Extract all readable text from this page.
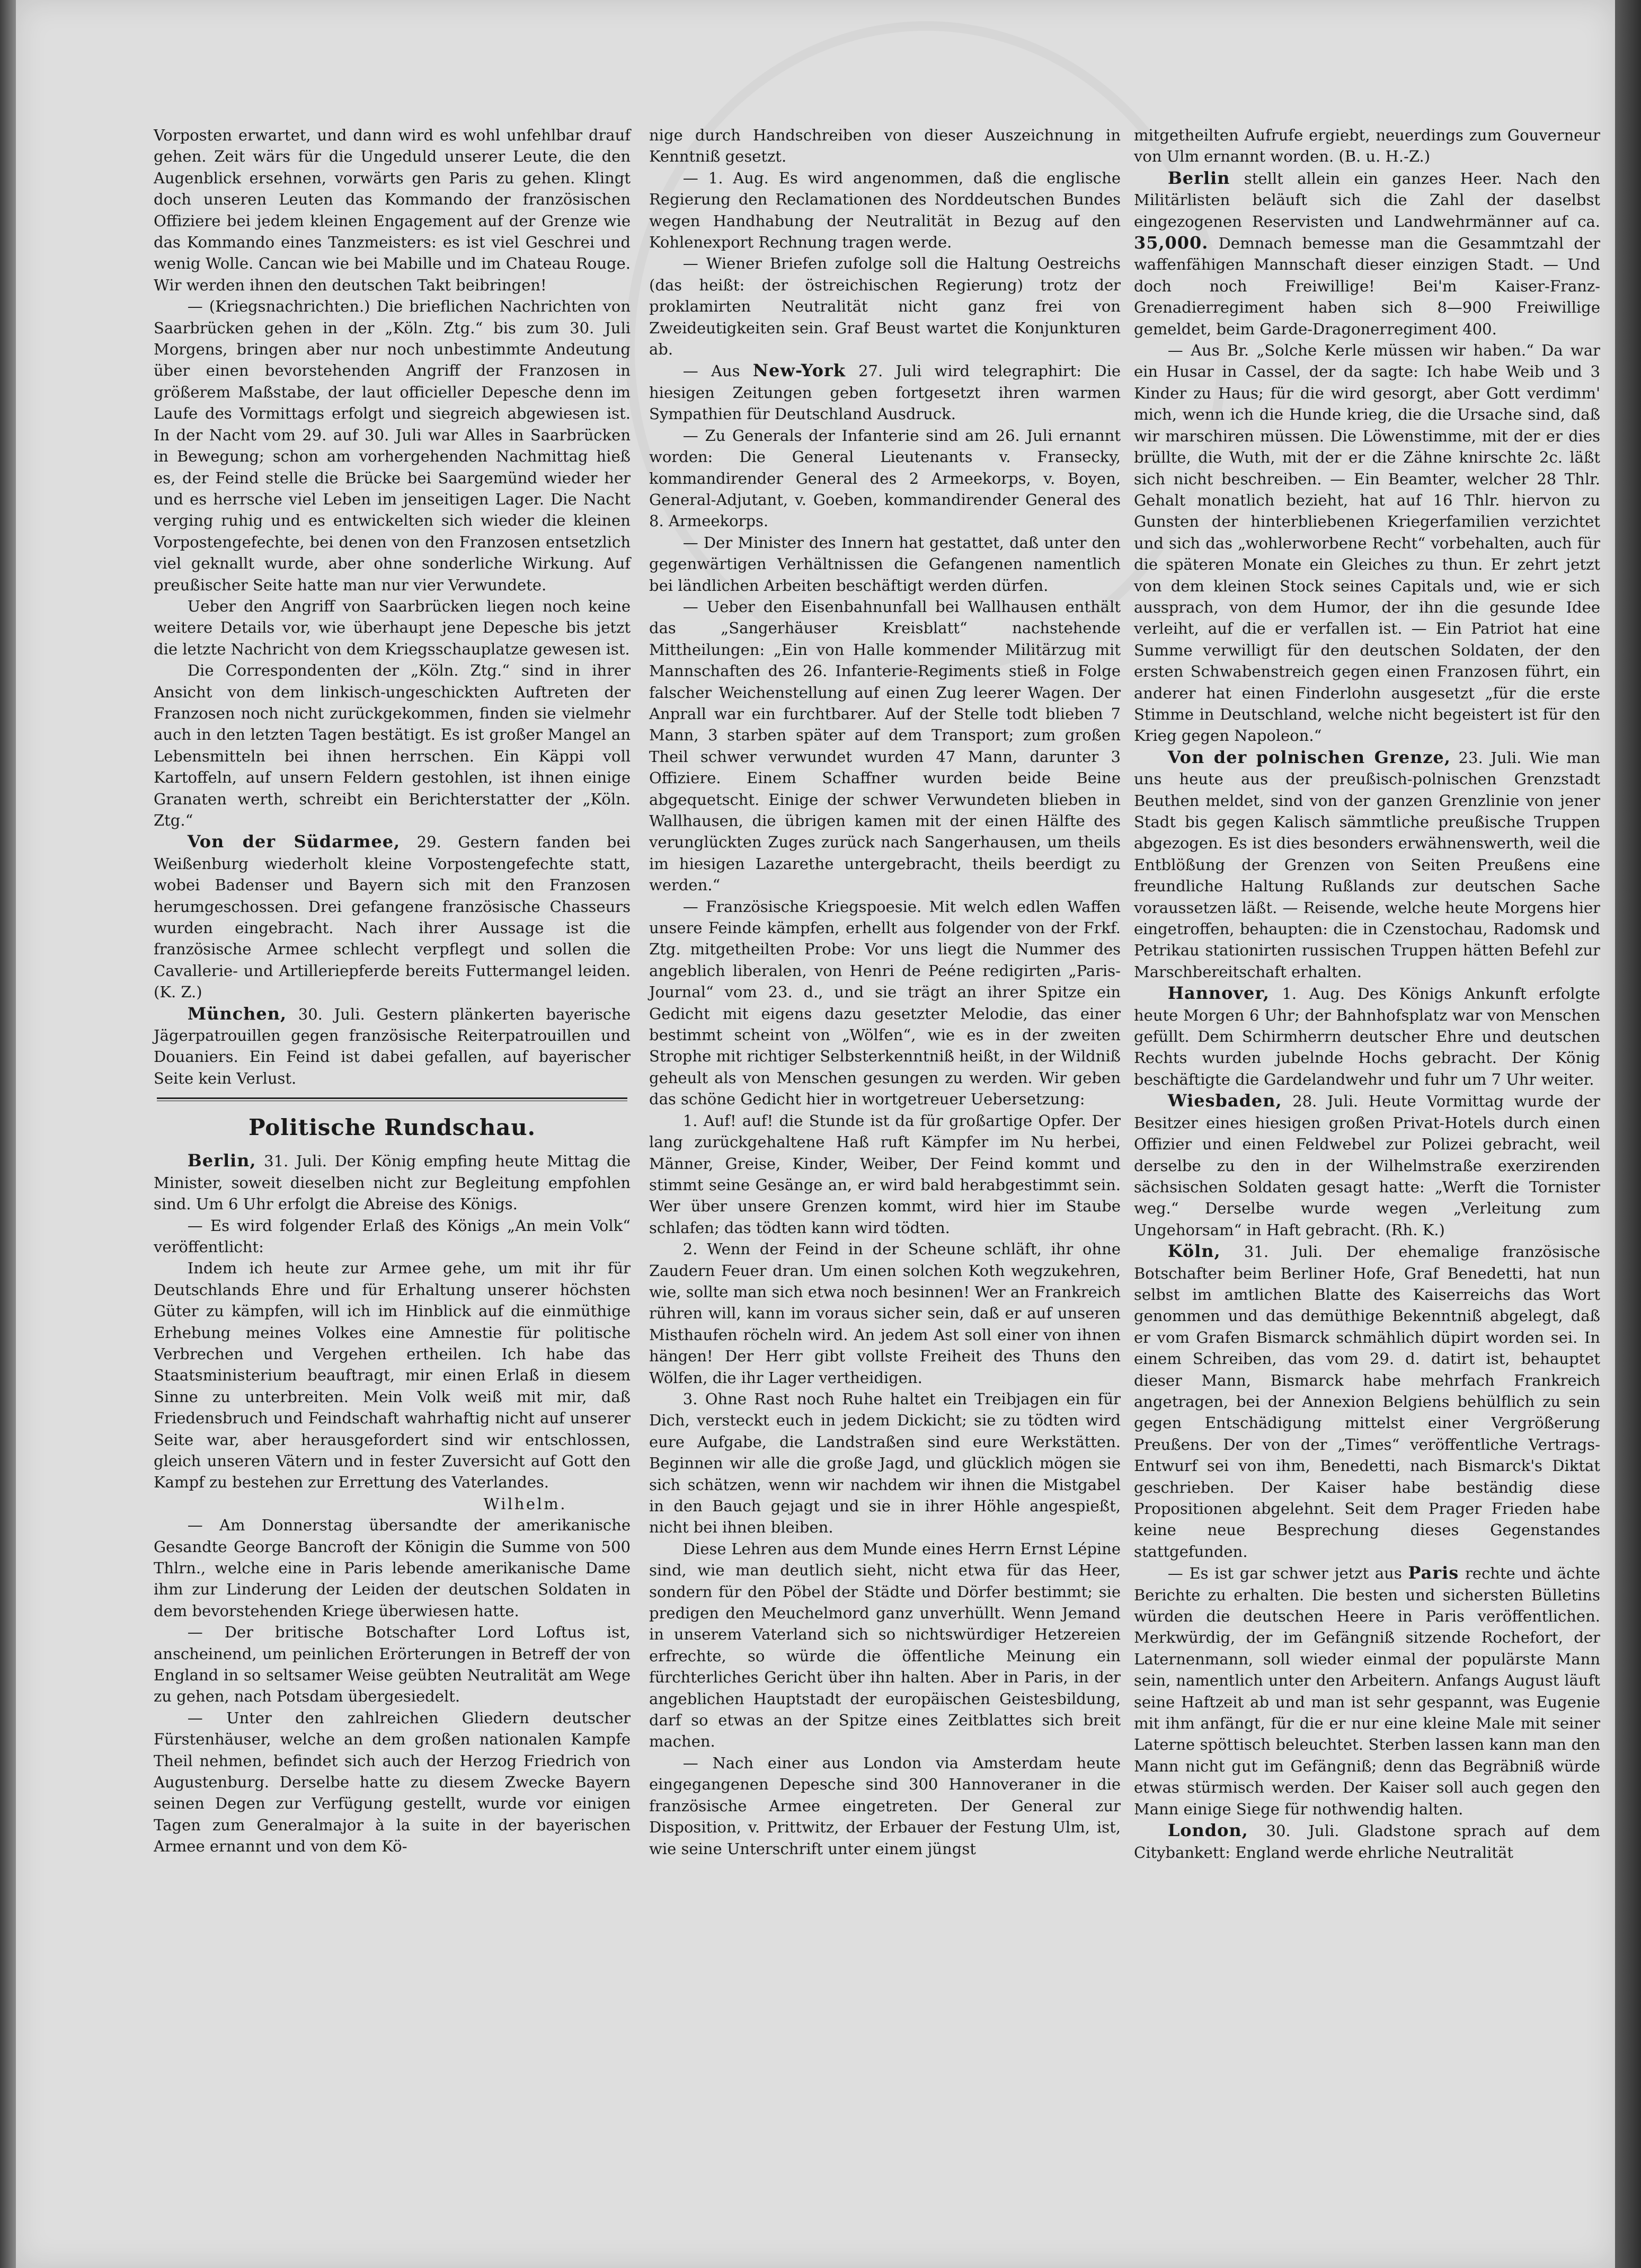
Vorposten erwartet, und dann wird es wohl unfehlbar drauf gehen. Zeit wärs für die Ungeduld unserer Leute, die den Augenblick ersehnen, vorwärts gen Paris zu gehen. Klingt doch unseren Leuten das Kommando der französischen Offiziere bei jedem kleinen Engagement auf der Grenze wie das Kommando eines Tanzmeisters: es ist viel Geschrei und wenig Wolle. Cancan wie bei Mabille und im Chateau Rouge. Wir werden ihnen den deutschen Takt beibringen!

— (Kriegsnachrichten.) Die brieflichen Nachrichten von Saarbrücken gehen in der „Köln. Ztg.“ bis zum 30. Juli Morgens, bringen aber nur noch unbestimmte Andeutung über einen bevorstehenden Angriff der Franzosen in größerem Maßstabe, der laut officieller Depesche denn im Laufe des Vormittags erfolgt und siegreich abgewiesen ist. In der Nacht vom 29. auf 30. Juli war Alles in Saarbrücken in Bewegung; schon am vorhergehenden Nachmittag hieß es, der Feind stelle die Brücke bei Saargemünd wieder her und es herrsche viel Leben im jenseitigen Lager. Die Nacht verging ruhig und es entwickelten sich wieder die kleinen Vorpostengefechte, bei denen von den Franzosen entsetzlich viel geknallt wurde, aber ohne sonderliche Wirkung. Auf preußischer Seite hatte man nur vier Verwundete.

Ueber den Angriff von Saarbrücken liegen noch keine weitere Details vor, wie überhaupt jene Depesche bis jetzt die letzte Nachricht von dem Kriegsschauplatze gewesen ist.

Die Correspondenten der „Köln. Ztg.“ sind in ihrer Ansicht von dem linkisch-ungeschickten Auftreten der Franzosen noch nicht zurückgekommen, finden sie vielmehr auch in den letzten Tagen bestätigt. Es ist großer Mangel an Lebensmitteln bei ihnen herrschen. Ein Käppi voll Kartoffeln, auf unsern Feldern gestohlen, ist ihnen einige Granaten werth, schreibt ein Berichterstatter der „Köln. Ztg.“

Von der Südarmee, 29. Gestern fanden bei Weißenburg wiederholt kleine Vorpostengefechte statt, wobei Badenser und Bayern sich mit den Franzosen herumgeschossen. Drei gefangene französische Chasseurs wurden eingebracht. Nach ihrer Aussage ist die französische Armee schlecht verpflegt und sollen die Cavallerie- und Artilleriepferde bereits Futtermangel leiden. (K. Z.)

München, 30. Juli. Gestern plänkerten bayerische Jägerpatrouillen gegen französische Reiterpatrouillen und Douaniers. Ein Feind ist dabei gefallen, auf bayerischer Seite kein Verlust.

Politische Rundschau.

Berlin, 31. Juli. Der König empfing heute Mittag die Minister, soweit dieselben nicht zur Begleitung empfohlen sind. Um 6 Uhr erfolgt die Abreise des Königs.

— Es wird folgender Erlaß des Königs „An mein Volk“ veröffentlicht:

Indem ich heute zur Armee gehe, um mit ihr für Deutschlands Ehre und für Erhaltung unserer höchsten Güter zu kämpfen, will ich im Hinblick auf die einmüthige Erhebung meines Volkes eine Amnestie für politische Verbrechen und Vergehen ertheilen. Ich habe das Staatsministerium beauftragt, mir einen Erlaß in diesem Sinne zu unterbreiten. Mein Volk weiß mit mir, daß Friedensbruch und Feindschaft wahrhaftig nicht auf unserer Seite war, aber herausgefordert sind wir entschlossen, gleich unseren Vätern und in fester Zuversicht auf Gott den Kampf zu bestehen zur Errettung des Vaterlandes.

Wilhelm.

— Am Donnerstag übersandte der amerikanische Gesandte George Bancroft der Königin die Summe von 500 Thlrn., welche eine in Paris lebende amerikanische Dame ihm zur Linderung der Leiden der deutschen Soldaten in dem bevorstehenden Kriege überwiesen hatte.

— Der britische Botschafter Lord Loftus ist, anscheinend, um peinlichen Erörterungen in Betreff der von England in so seltsamer Weise geübten Neutralität am Wege zu gehen, nach Potsdam übergesiedelt.

— Unter den zahlreichen Gliedern deutscher Fürstenhäuser, welche an dem großen nationalen Kampfe Theil nehmen, befindet sich auch der Herzog Friedrich von Augustenburg. Derselbe hatte zu diesem Zwecke Bayern seinen Degen zur Verfügung gestellt, wurde vor einigen Tagen zum Generalmajor à la suite in der bayerischen Armee ernannt und von dem Kö-

nige durch Handschreiben von dieser Auszeichnung in Kenntniß gesetzt.

— 1. Aug. Es wird angenommen, daß die englische Regierung den Reclamationen des Norddeutschen Bundes wegen Handhabung der Neutralität in Bezug auf den Kohlenexport Rechnung tragen werde.

— Wiener Briefen zufolge soll die Haltung Oestreichs (das heißt: der östreichischen Regierung) trotz der proklamirten Neutralität nicht ganz frei von Zweideutigkeiten sein. Graf Beust wartet die Konjunkturen ab.

— Aus New-York 27. Juli wird telegraphirt: Die hiesigen Zeitungen geben fortgesetzt ihren warmen Sympathien für Deutschland Ausdruck.

— Zu Generals der Infanterie sind am 26. Juli ernannt worden: Die General Lieutenants v. Fransecky, kommandirender General des 2 Armeekorps, v. Boyen, General-Adjutant, v. Goeben, kommandirender General des 8. Armeekorps.

— Der Minister des Innern hat gestattet, daß unter den gegenwärtigen Verhältnissen die Gefangenen namentlich bei ländlichen Arbeiten beschäftigt werden dürfen.

— Ueber den Eisenbahnunfall bei Wallhausen enthält das „Sangerhäuser Kreisblatt“ nachstehende Mittheilungen: „Ein von Halle kommender Militärzug mit Mannschaften des 26. Infanterie-Regiments stieß in Folge falscher Weichenstellung auf einen Zug leerer Wagen. Der Anprall war ein furchtbarer. Auf der Stelle todt blieben 7 Mann, 3 starben später auf dem Transport; zum großen Theil schwer verwundet wurden 47 Mann, darunter 3 Offiziere. Einem Schaffner wurden beide Beine abgequetscht. Einige der schwer Verwundeten blieben in Wallhausen, die übrigen kamen mit der einen Hälfte des verunglückten Zuges zurück nach Sangerhausen, um theils im hiesigen Lazarethe untergebracht, theils beerdigt zu werden.“

— Französische Kriegspoesie. Mit welch edlen Waffen unsere Feinde kämpfen, erhellt aus folgender von der Frkf. Ztg. mitgetheilten Probe: Vor uns liegt die Nummer des angeblich liberalen, von Henri de Peéne redigirten „Paris-Journal“ vom 23. d., und sie trägt an ihrer Spitze ein Gedicht mit eigens dazu gesetzter Melodie, das einer bestimmt scheint von „Wölfen“, wie es in der zweiten Strophe mit richtiger Selbsterkenntniß heißt, in der Wildniß geheult als von Menschen gesungen zu werden. Wir geben das schöne Gedicht hier in wortgetreuer Uebersetzung:

1. Auf! auf! die Stunde ist da für großartige Opfer. Der lang zurückgehaltene Haß ruft Kämpfer im Nu herbei, Männer, Greise, Kinder, Weiber, Der Feind kommt und stimmt seine Gesänge an, er wird bald herabgestimmt sein. Wer über unsere Grenzen kommt, wird hier im Staube schlafen; das tödten kann wird tödten.

2. Wenn der Feind in der Scheune schläft, ihr ohne Zaudern Feuer dran. Um einen solchen Koth wegzukehren, wie, sollte man sich etwa noch besinnen! Wer an Frankreich rühren will, kann im voraus sicher sein, daß er auf unseren Misthaufen röcheln wird. An jedem Ast soll einer von ihnen hängen! Der Herr gibt vollste Freiheit des Thuns den Wölfen, die ihr Lager vertheidigen.

3. Ohne Rast noch Ruhe haltet ein Treibjagen ein für Dich, versteckt euch in jedem Dickicht; sie zu tödten wird eure Aufgabe, die Landstraßen sind eure Werkstätten. Beginnen wir alle die große Jagd, und glücklich mögen sie sich schätzen, wenn wir nachdem wir ihnen die Mistgabel in den Bauch gejagt und sie in ihrer Höhle angespießt, nicht bei ihnen bleiben.

Diese Lehren aus dem Munde eines Herrn Ernst Lépine sind, wie man deutlich sieht, nicht etwa für das Heer, sondern für den Pöbel der Städte und Dörfer bestimmt; sie predigen den Meuchelmord ganz unverhüllt. Wenn Jemand in unserem Vaterland sich so nichtswürdiger Hetzereien erfrechte, so würde die öffentliche Meinung ein fürchterliches Gericht über ihn halten. Aber in Paris, in der angeblichen Hauptstadt der europäischen Geistesbildung, darf so etwas an der Spitze eines Zeitblattes sich breit machen.

— Nach einer aus London via Amsterdam heute eingegangenen Depesche sind 300 Hannoveraner in die französische Armee eingetreten. Der General zur Disposition, v. Prittwitz, der Erbauer der Festung Ulm, ist, wie seine Unterschrift unter einem jüngst

mitgetheilten Aufrufe ergiebt, neuerdings zum Gouverneur von Ulm ernannt worden. (B. u. H.-Z.)

Berlin stellt allein ein ganzes Heer. Nach den Militärlisten beläuft sich die Zahl der daselbst eingezogenen Reservisten und Landwehrmänner auf ca. 35,000. Demnach bemesse man die Gesammtzahl der waffenfähigen Mannschaft dieser einzigen Stadt. — Und doch noch Freiwillige! Bei'm Kaiser-Franz-Grenadierregiment haben sich 8—900 Freiwillige gemeldet, beim Garde-Dragonerregiment 400.

— Aus Br. „Solche Kerle müssen wir haben.“ Da war ein Husar in Cassel, der da sagte: Ich habe Weib und 3 Kinder zu Haus; für die wird gesorgt, aber Gott verdimm' mich, wenn ich die Hunde krieg, die die Ursache sind, daß wir marschiren müssen. Die Löwenstimme, mit der er dies brüllte, die Wuth, mit der er die Zähne knirschte 2c. läßt sich nicht beschreiben. — Ein Beamter, welcher 28 Thlr. Gehalt monatlich bezieht, hat auf 16 Thlr. hiervon zu Gunsten der hinterbliebenen Kriegerfamilien verzichtet und sich das „wohlerworbene Recht“ vorbehalten, auch für die späteren Monate ein Gleiches zu thun. Er zehrt jetzt von dem kleinen Stock seines Capitals und, wie er sich aussprach, von dem Humor, der ihn die gesunde Idee verleiht, auf die er verfallen ist. — Ein Patriot hat eine Summe verwilligt für den deutschen Soldaten, der den ersten Schwabenstreich gegen einen Franzosen führt, ein anderer hat einen Finderlohn ausgesetzt „für die erste Stimme in Deutschland, welche nicht begeistert ist für den Krieg gegen Napoleon.“

Von der polnischen Grenze, 23. Juli. Wie man uns heute aus der preußisch-polnischen Grenzstadt Beuthen meldet, sind von der ganzen Grenzlinie von jener Stadt bis gegen Kalisch sämmtliche preußische Truppen abgezogen. Es ist dies besonders erwähnenswerth, weil die Entblößung der Grenzen von Seiten Preußens eine freundliche Haltung Rußlands zur deutschen Sache voraussetzen läßt. — Reisende, welche heute Morgens hier eingetroffen, behaupten: die in Czenstochau, Radomsk und Petrikau stationirten russischen Truppen hätten Befehl zur Marschbereitschaft erhalten.

Hannover, 1. Aug. Des Königs Ankunft erfolgte heute Morgen 6 Uhr; der Bahnhofsplatz war von Menschen gefüllt. Dem Schirmherrn deutscher Ehre und deutschen Rechts wurden jubelnde Hochs gebracht. Der König beschäftigte die Gardelandwehr und fuhr um 7 Uhr weiter.

Wiesbaden, 28. Juli. Heute Vormittag wurde der Besitzer eines hiesigen großen Privat-Hotels durch einen Offizier und einen Feldwebel zur Polizei gebracht, weil derselbe zu den in der Wilhelmstraße exerzirenden sächsischen Soldaten gesagt hatte: „Werft die Tornister weg.“ Derselbe wurde wegen „Verleitung zum Ungehorsam“ in Haft gebracht. (Rh. K.)

Köln, 31. Juli. Der ehemalige französische Botschafter beim Berliner Hofe, Graf Benedetti, hat nun selbst im amtlichen Blatte des Kaiserreichs das Wort genommen und das demüthige Bekenntniß abgelegt, daß er vom Grafen Bismarck schmählich düpirt worden sei. In einem Schreiben, das vom 29. d. datirt ist, behauptet dieser Mann, Bismarck habe mehrfach Frankreich angetragen, bei der Annexion Belgiens behülflich zu sein gegen Entschädigung mittelst einer Vergrößerung Preußens. Der von der „Times“ veröffentliche Vertrags-Entwurf sei von ihm, Benedetti, nach Bismarck's Diktat geschrieben. Der Kaiser habe beständig diese Propositionen abgelehnt. Seit dem Prager Frieden habe keine neue Besprechung dieses Gegenstandes stattgefunden.

— Es ist gar schwer jetzt aus Paris rechte und ächte Berichte zu erhalten. Die besten und sichersten Bülletins würden die deutschen Heere in Paris veröffentlichen. Merkwürdig, der im Gefängniß sitzende Rochefort, der Laternenmann, soll wieder einmal der populärste Mann sein, namentlich unter den Arbeitern. Anfangs August läuft seine Haftzeit ab und man ist sehr gespannt, was Eugenie mit ihm anfängt, für die er nur eine kleine Male mit seiner Laterne spöttisch beleuchtet. Sterben lassen kann man den Mann nicht gut im Gefängniß; denn das Begräbniß würde etwas stürmisch werden. Der Kaiser soll auch gegen den Mann einige Siege für nothwendig halten.

London, 30. Juli. Gladstone sprach auf dem Citybankett: England werde ehrliche Neutralität
